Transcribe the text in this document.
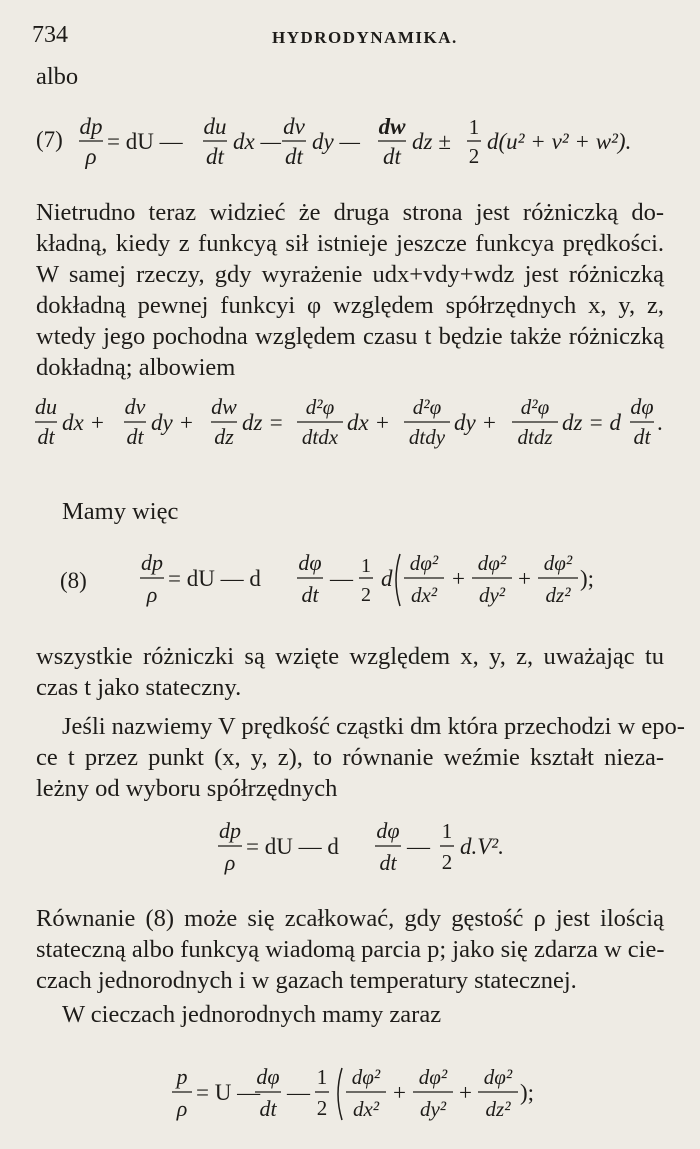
734	HYDRODYNAMIKA.
albo
(7)
dp
ρ
= dU —
du
dt
dx —
dv
dt
dy —
dw
dt
dz ±
1
2
d(u² + v² + w²).
Nietrudno teraz widzieć że druga strona jest różniczką do-
kładną, kiedy z funkcyą sił istnieje jeszcze funkcya prędkości.
W samej rzeczy, gdy wyrażenie udx+vdy+wdz jest różniczką
dokładną pewnej funkcyi φ względem spółrzędnych x, y, z,
wtedy jego pochodna względem czasu t będzie także różniczką
dokładną; albowiem
du
dt
dx +
dv
dt
dy +
dw
dz
dz =
d²φ
dtdx
dx +
d²φ
dtdy
dy +
d²φ
dtdz
dz = d
dφ
dt
.
Mamy więc
(8)
dp
ρ
= dU — d
dφ
dt
— 1
2
d
dφ²
dx²
+
dφ²
dy²
+
dφ²
dz²
);
wszystkie różniczki są wzięte względem x, y, z, uważając tu
czas t jako stateczny.
Jeśli nazwiemy V prędkość cząstki dm która przechodzi w epo-
ce t przez punkt (x, y, z), to równanie weźmie kształt nieza-
leżny od wyboru spółrzędnych
dp
ρ
= dU — d
dφ
dt
—
1
2
d.V².
Równanie (8) może się zcałkować, gdy gęstość ρ jest ilością
stateczną albo funkcyą wiadomą parcia p; jako się zdarza w cie-
czach jednorodnych i w gazach temperatury statecznej.
W cieczach jednorodnych mamy zaraz
p
ρ
= U —
dφ
dt
—
1
2
dφ²
dx²
+
dφ²
dy²
+
dφ²
dz²
);
